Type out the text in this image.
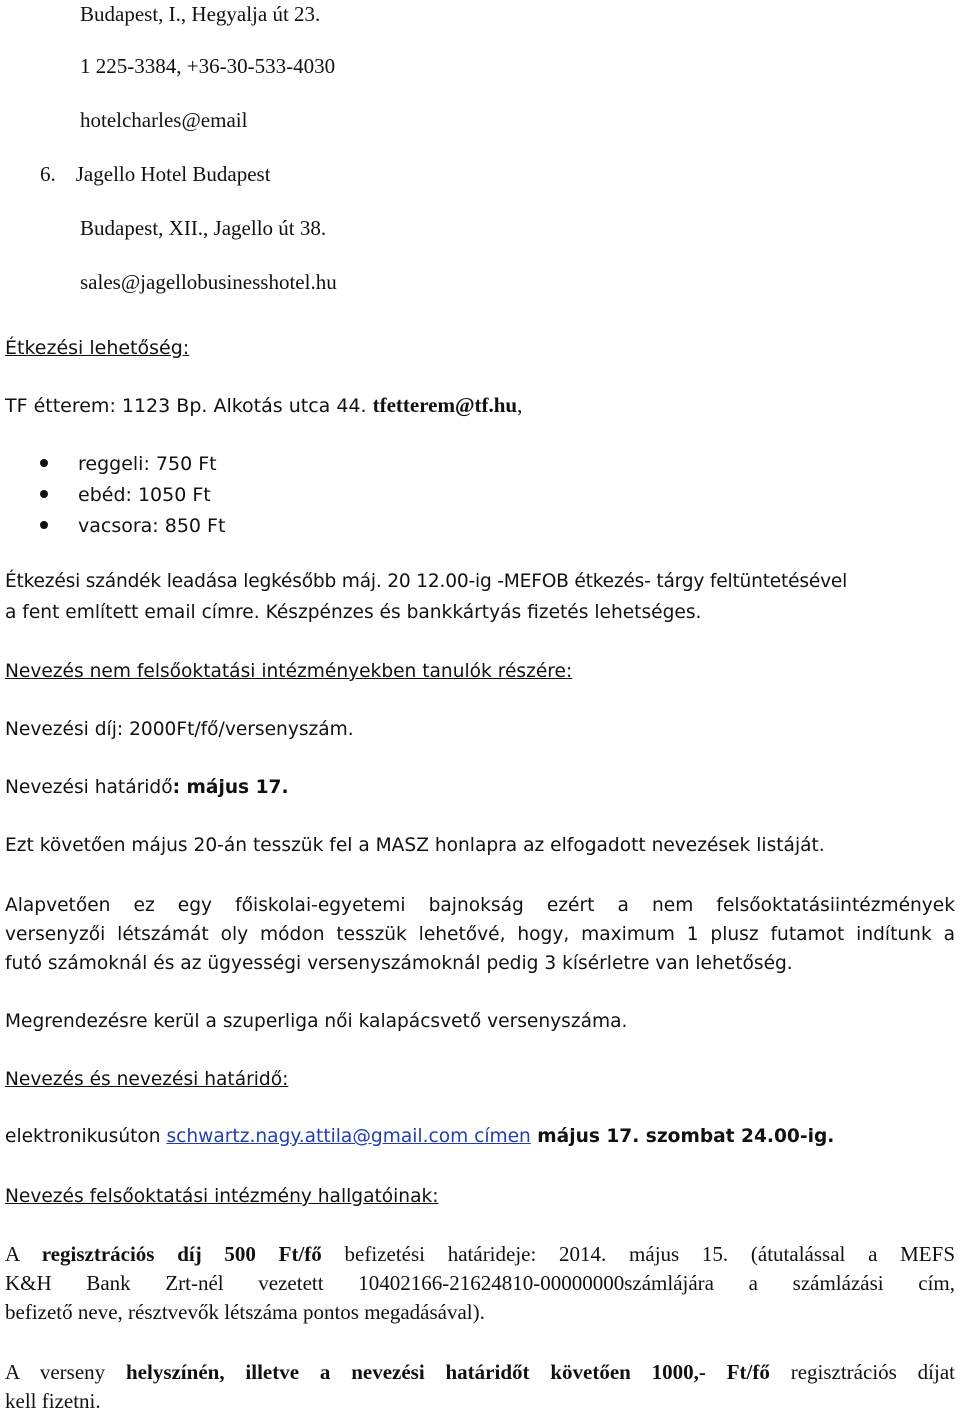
Budapest, I., Hegyalja út 23.
1 225-3384, +36-30-533-4030
hotelcharles@email
6. Jagello Hotel Budapest
Budapest, XII., Jagello út 38.
sales@jagellobusinesshotel.hu
Étkezési lehetőség:
TF étterem: 1123 Bp. Alkotás utca 44. tfetterem@tf.hu,
reggeli: 750 Ft
ebéd: 1050 Ft
vacsora: 850 Ft
Étkezési szándék leadása legkésőbb máj. 20 12.00-ig -MEFOB étkezés- tárgy feltüntetésével
a fent említett email címre. Készpénzes és bankkártyás fizetés lehetséges.
Nevezés nem felsőoktatási intézményekben tanulók részére:
Nevezési díj: 2000Ft/fő/versenyszám.
Nevezési határidő: május 17.
Ezt követően május 20-án tesszük fel a MASZ honlapra az elfogadott nevezések listáját.
Alapvetően ez egy főiskolai-egyetemi bajnokság ezért a nem felsőoktatásiintézmények
versenyzői létszámát oly módon tesszük lehetővé, hogy, maximum 1 plusz futamot indítunk a
futó számoknál és az ügyességi versenyszámoknál pedig 3 kísérletre van lehetőség.
Megrendezésre kerül a szuperliga női kalapácsvető versenyszáma.
Nevezés és nevezési határidő:
elektronikusúton schwartz.nagy.attila@gmail.com címen május 17. szombat 24.00-ig.
Nevezés felsőoktatási intézmény hallgatóinak:
A regisztrációs díj 500 Ft/fő befizetési határideje: 2014. május 15. (átutalással a MEFS
K&H Bank Zrt-nél vezetett 10402166-21624810-00000000számlájára a számlázási cím,
befizető neve, résztvevők létszáma pontos megadásával).
A verseny helyszínén, illetve a nevezési határidőt követően 1000,- Ft/fő regisztrációs díjat
kell fizetni.
